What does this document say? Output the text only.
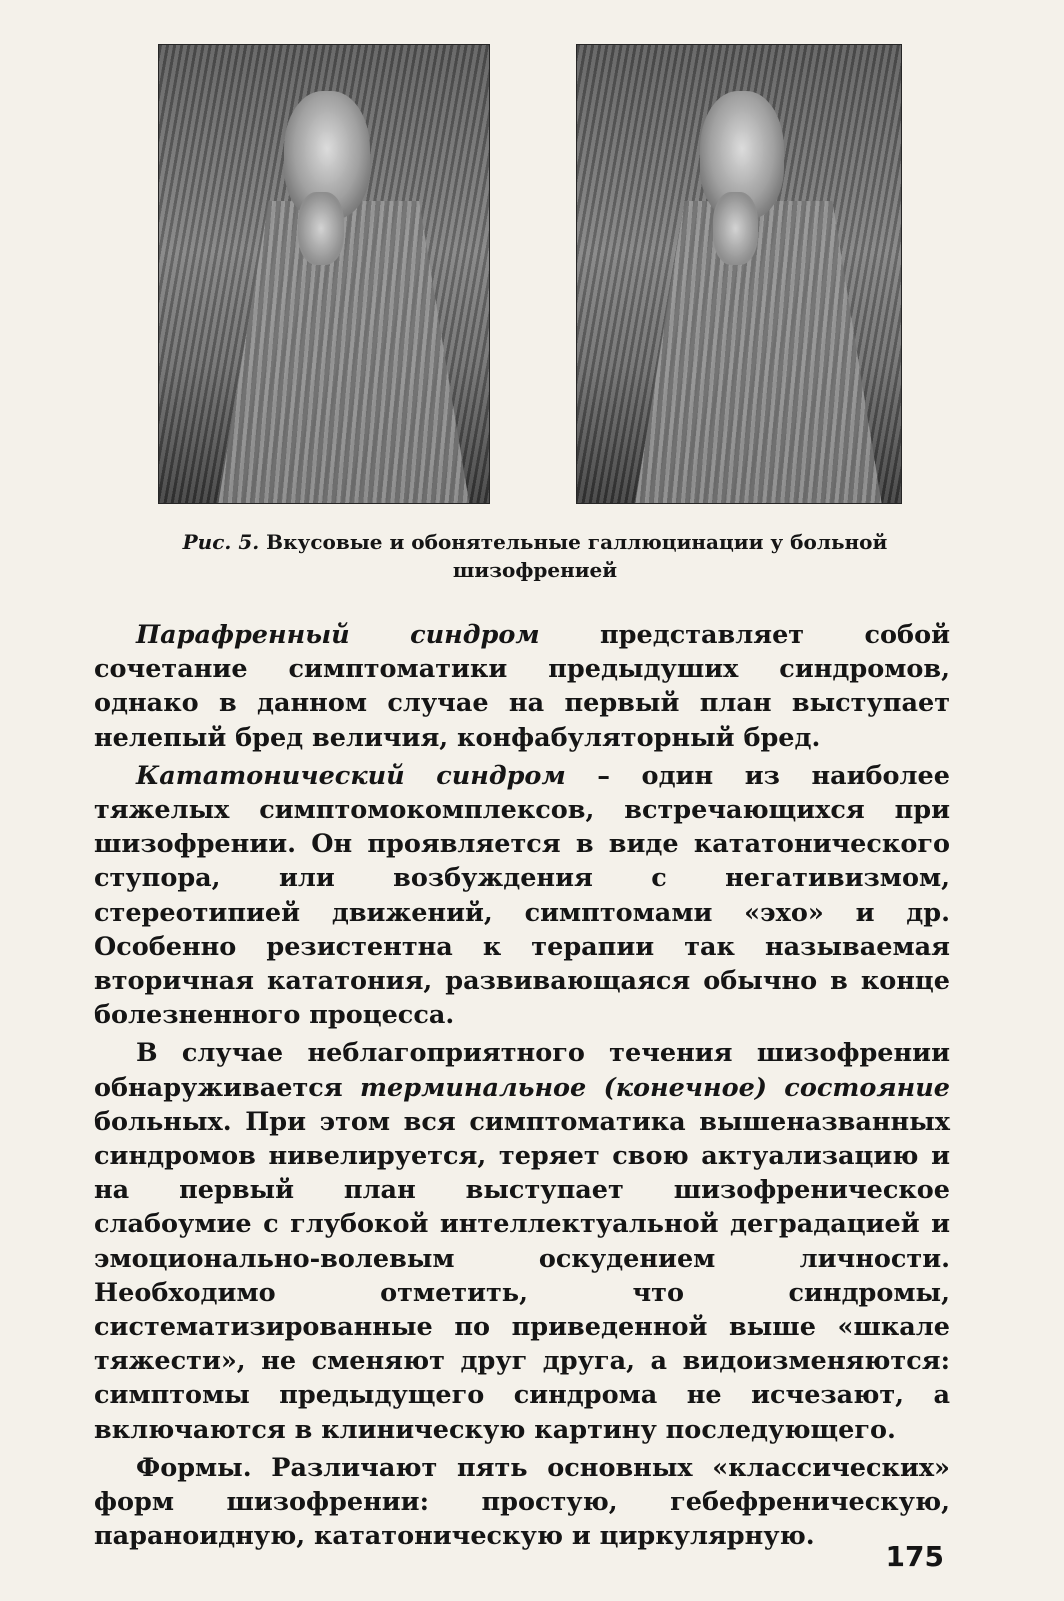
Рис. 5. Вкусовые и обонятельные галлюцинации у больной шизофренией

Парафренный синдром представляет собой сочетание симптоматики предыдуших синдромов, однако в данном случае на первый план выступает нелепый бред величия, конфабуляторный бред.

Кататонический синдром – один из наиболее тяжелых симптомокомплексов, встречающихся при шизофрении. Он проявляется в виде кататонического ступора, или возбуждения с негативизмом, стереотипией движений, симптомами «эхо» и др. Особенно резистентна к терапии так называемая вторичная кататония, развивающаяся обычно в конце болезненного процесса.

В случае неблагоприятного течения шизофрении обнаруживается терминальное (конечное) состояние больных. При этом вся симптоматика вышеназванных синдромов нивелируется, теряет свою актуализацию и на первый план выступает шизофреническое слабоумие с глубокой интеллектуальной деградацией и эмоционально-волевым оскудением личности. Необходимо отметить, что синдромы, систематизированные по приведенной выше «шкале тяжести», не сменяют друг друга, а видоизменяются: симптомы предыдущего синдрома не исчезают, а включаются в клиническую картину последующего.

Формы. Различают пять основных «классических» форм шизофрении: простую, гебефреническую, параноидную, кататоническую и циркулярную.

175
